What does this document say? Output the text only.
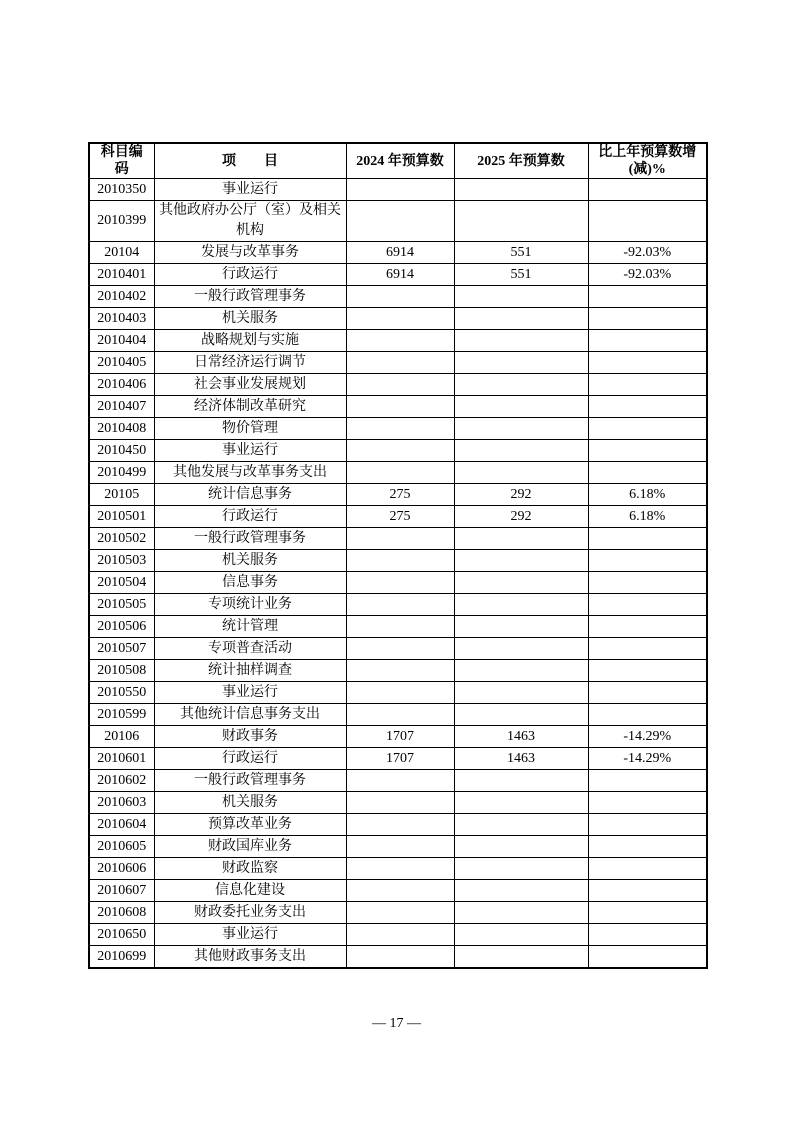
科目编码	项　　目	2024 年预算数	2025 年预算数	比上年预算数增(减)%
2010350	事业运行			
2010399	其他政府办公厅（室）及相关机构			
20104	发展与改革事务	6914	551	-92.03%
2010401	行政运行	6914	551	-92.03%
2010402	一般行政管理事务			
2010403	机关服务			
2010404	战略规划与实施			
2010405	日常经济运行调节			
2010406	社会事业发展规划			
2010407	经济体制改革研究			
2010408	物价管理			
2010450	事业运行			
2010499	其他发展与改革事务支出			
20105	统计信息事务	275	292	6.18%
2010501	行政运行	275	292	6.18%
2010502	一般行政管理事务			
2010503	机关服务			
2010504	信息事务			
2010505	专项统计业务			
2010506	统计管理			
2010507	专项普查活动			
2010508	统计抽样调查			
2010550	事业运行			
2010599	其他统计信息事务支出			
20106	财政事务	1707	1463	-14.29%
2010601	行政运行	1707	1463	-14.29%
2010602	一般行政管理事务			
2010603	机关服务			
2010604	预算改革业务			
2010605	财政国库业务			
2010606	财政监察			
2010607	信息化建设			
2010608	财政委托业务支出			
2010650	事业运行			
2010699	其他财政事务支出			
— 17 —
